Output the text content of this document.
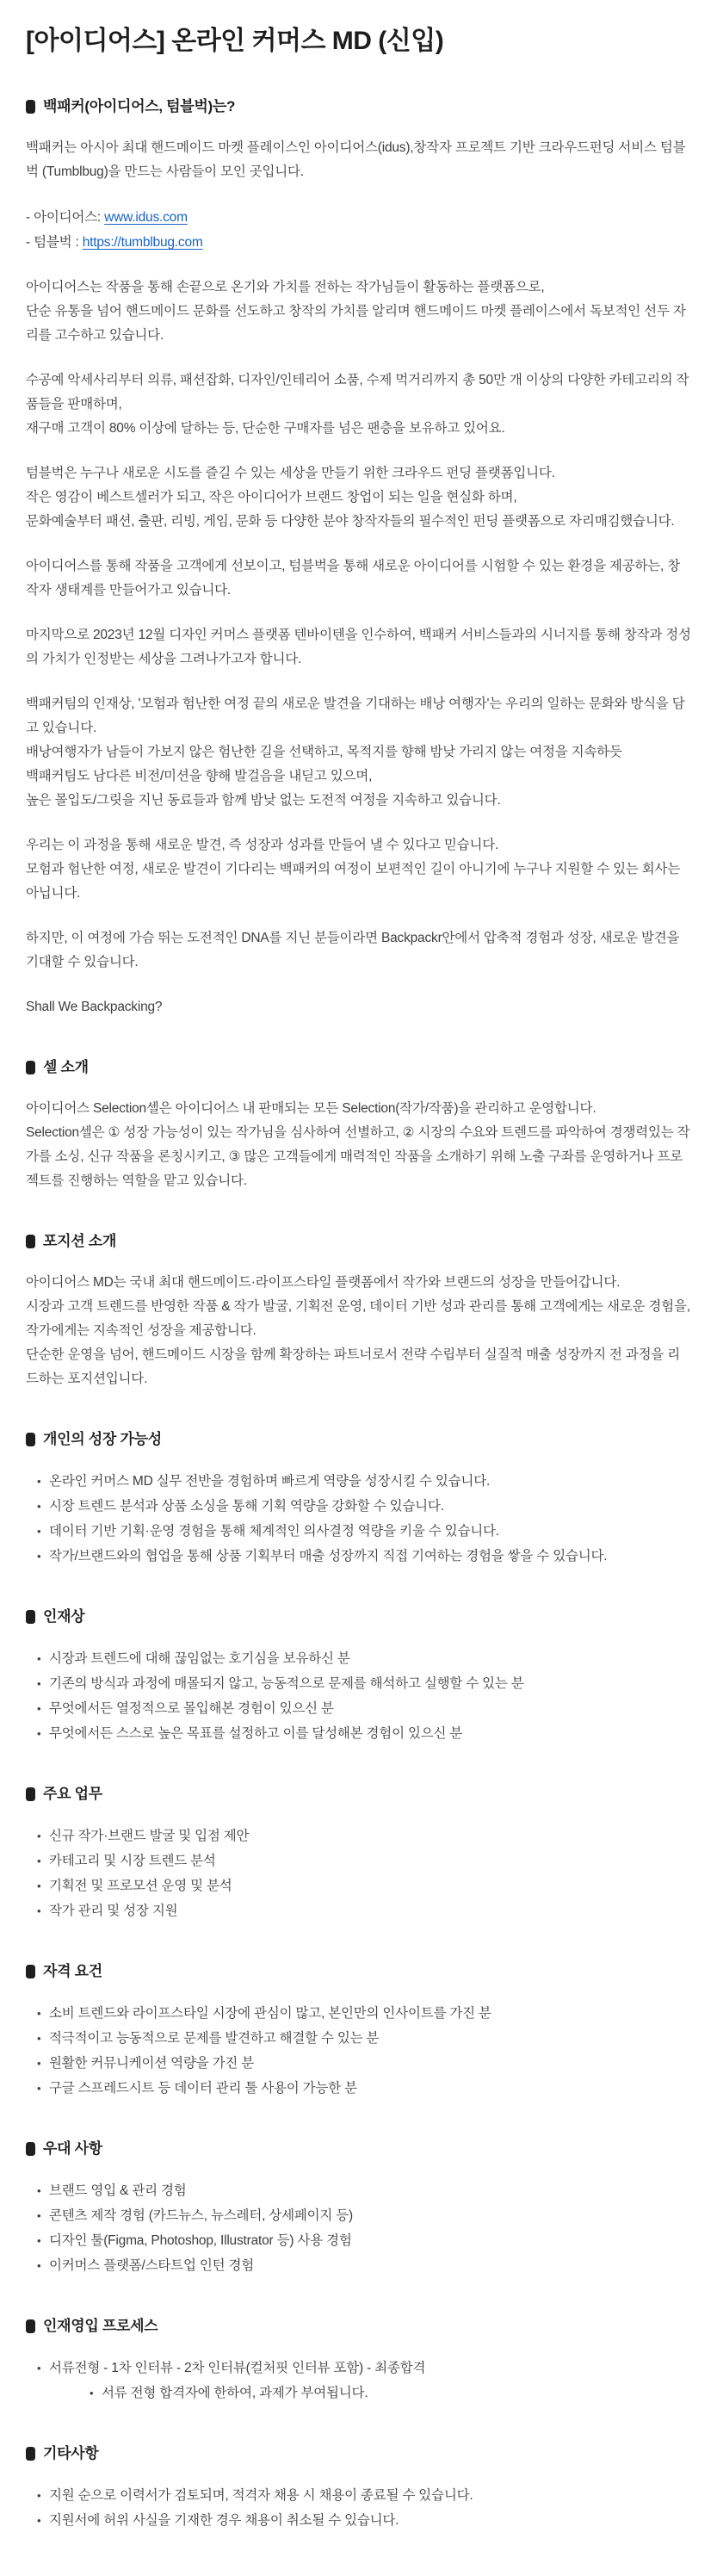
[아이디어스] 온라인 커머스 MD (신입)
백패커(아이디어스, 텀블벅)는?

백패커는 아시아 최대 핸드메이드 마켓 플레이스인 아이디어스(idus),창작자 프로젝트 기반 크라우드펀딩 서비스 텀블벅 (Tumblbug)을 만드는 사람들이 모인 곳입니다.

- 아이디어스: www.idus.com
- 텀블벅 : https://tumblbug.com

아이디어스는 작품을 통해 손끝으로 온기와 가치를 전하는 작가님들이 활동하는 플랫폼으로,
단순 유통을 넘어 핸드메이드 문화를 선도하고 창작의 가치를 알리며 핸드메이드 마켓 플레이스에서 독보적인 선두 자리를 고수하고 있습니다.

수공예 악세사리부터 의류, 패션잡화, 디자인/인테리어 소품, 수제 먹거리까지 총 50만 개 이상의 다양한 카테고리의 작품들을 판매하며,
재구매 고객이 80% 이상에 달하는 등, 단순한 구매자를 넘은 팬층을 보유하고 있어요.

텀블벅은 누구나 새로운 시도를 즐길 수 있는 세상을 만들기 위한 크라우드 펀딩 플랫폼입니다.
작은 영감이 베스트셀러가 되고, 작은 아이디어가 브랜드 창업이 되는 일을 현실화 하며,
문화예술부터 패션, 출판, 리빙, 게임, 문화 등 다양한 분야 창작자들의 필수적인 펀딩 플랫폼으로 자리매김했습니다.

아이디어스를 통해 작품을 고객에게 선보이고, 텀블벅을 통해 새로운 아이디어를 시험할 수 있는 환경을 제공하는, 창작자 생태계를 만들어가고 있습니다.

마지막으로 2023년 12월 디자인 커머스 플랫폼 텐바이텐을 인수하여, 백패커 서비스들과의 시너지를 통해 창작과 정성의 가치가 인정받는 세상을 그려나가고자 합니다.

백패커팀의 인재상, '모험과 험난한 여정 끝의 새로운 발견을 기대하는 배낭 여행자'는 우리의 일하는 문화와 방식을 담고 있습니다.
배낭여행자가 남들이 가보지 않은 험난한 길을 선택하고, 목적지를 향해 밤낮 가리지 않는 여정을 지속하듯
백패커팀도 남다른 비전/미션을 향해 발걸음을 내딛고 있으며,
높은 몰입도/그릿을 지닌 동료들과 함께 밤낮 없는 도전적 여정을 지속하고 있습니다.

우리는 이 과정을 통해 새로운 발견, 즉 성장과 성과를 만들어 낼 수 있다고 믿습니다.
모험과 험난한 여정, 새로운 발견이 기다리는 백패커의 여정이 보편적인 길이 아니기에 누구나 지원할 수 있는 회사는 아닙니다.

하지만, 이 여정에 가슴 뛰는 도전적인 DNA를 지닌 분들이라면 Backpackr안에서 압축적 경험과 성장, 새로운 발견을 기대할 수 있습니다.

Shall We Backpacking?

셀 소개

아이디어스 Selection셀은 아이디어스 내 판매되는 모든 Selection(작가/작품)을 관리하고 운영합니다.
Selection셀은 ① 성장 가능성이 있는 작가님을 심사하여 선별하고, ② 시장의 수요와 트렌드를 파악하여 경쟁력있는 작가를 소싱, 신규 작품을 론칭시키고, ③ 많은 고객들에게 매력적인 작품을 소개하기 위해 노출 구좌를 운영하거나 프로젝트를 진행하는 역할을 맡고 있습니다.

포지션 소개

아이디어스 MD는 국내 최대 핸드메이드·라이프스타일 플랫폼에서 작가와 브랜드의 성장을 만들어갑니다.
시장과 고객 트렌드를 반영한 작품 & 작가 발굴, 기획전 운영, 데이터 기반 성과 관리를 통해 고객에게는 새로운 경험을, 작가에게는 지속적인 성장을 제공합니다.
단순한 운영을 넘어, 핸드메이드 시장을 함께 확장하는 파트너로서 전략 수립부터 실질적 매출 성장까지 전 과정을 리드하는 포지션입니다.

개인의 성장 가능성
•
온라인 커머스 MD 실무 전반을 경험하며 빠르게 역량을 성장시킬 수 있습니다.
•
시장 트렌드 분석과 상품 소싱을 통해 기획 역량을 강화할 수 있습니다.
•
데이터 기반 기획·운영 경험을 통해 체계적인 의사결정 역량을 키울 수 있습니다.
•
작가/브랜드와의 협업을 통해 상품 기획부터 매출 성장까지 직접 기여하는 경험을 쌓을 수 있습니다.
인재상
•
시장과 트렌드에 대해 끊임없는 호기심을 보유하신 분
•
기존의 방식과 과정에 매몰되지 않고, 능동적으로 문제를 해석하고 실행할 수 있는 분
•
무엇에서든 열정적으로 몰입해본 경험이 있으신 분
•
무엇에서든 스스로 높은 목표를 설정하고 이를 달성해본 경험이 있으신 분
주요 업무
•
신규 작가·브랜드 발굴 및 입점 제안
•
카테고리 및 시장 트렌드 분석
•
기획전 및 프로모션 운영 및 분석
•
작가 관리 및 성장 지원
자격 요건
•
소비 트렌드와 라이프스타일 시장에 관심이 많고, 본인만의 인사이트를 가진 분
•
적극적이고 능동적으로 문제를 발견하고 해결할 수 있는 분
•
원활한 커뮤니케이션 역량을 가진 분
•
구글 스프레드시트 등 데이터 관리 툴 사용이 가능한 분
우대 사항
•
브랜드 영입 & 관리 경험
•
콘텐츠 제작 경험 (카드뉴스, 뉴스레터, 상세페이지 등)
•
디자인 툴(Figma, Photoshop, Illustrator 등) 사용 경험
•
이커머스 플랫폼/스타트업 인턴 경험
인재영입 프로세스
•
서류전형 - 1차 인터뷰 - 2차 인터뷰(컬처핏 인터뷰 포함) - 최종합격
•
서류 전형 합격자에 한하여, 과제가 부여됩니다.
기타사항
•
지원 순으로 이력서가 검토되며, 적격자 채용 시 채용이 종료될 수 있습니다.
•
지원서에 허위 사실을 기재한 경우 채용이 취소될 수 있습니다.
